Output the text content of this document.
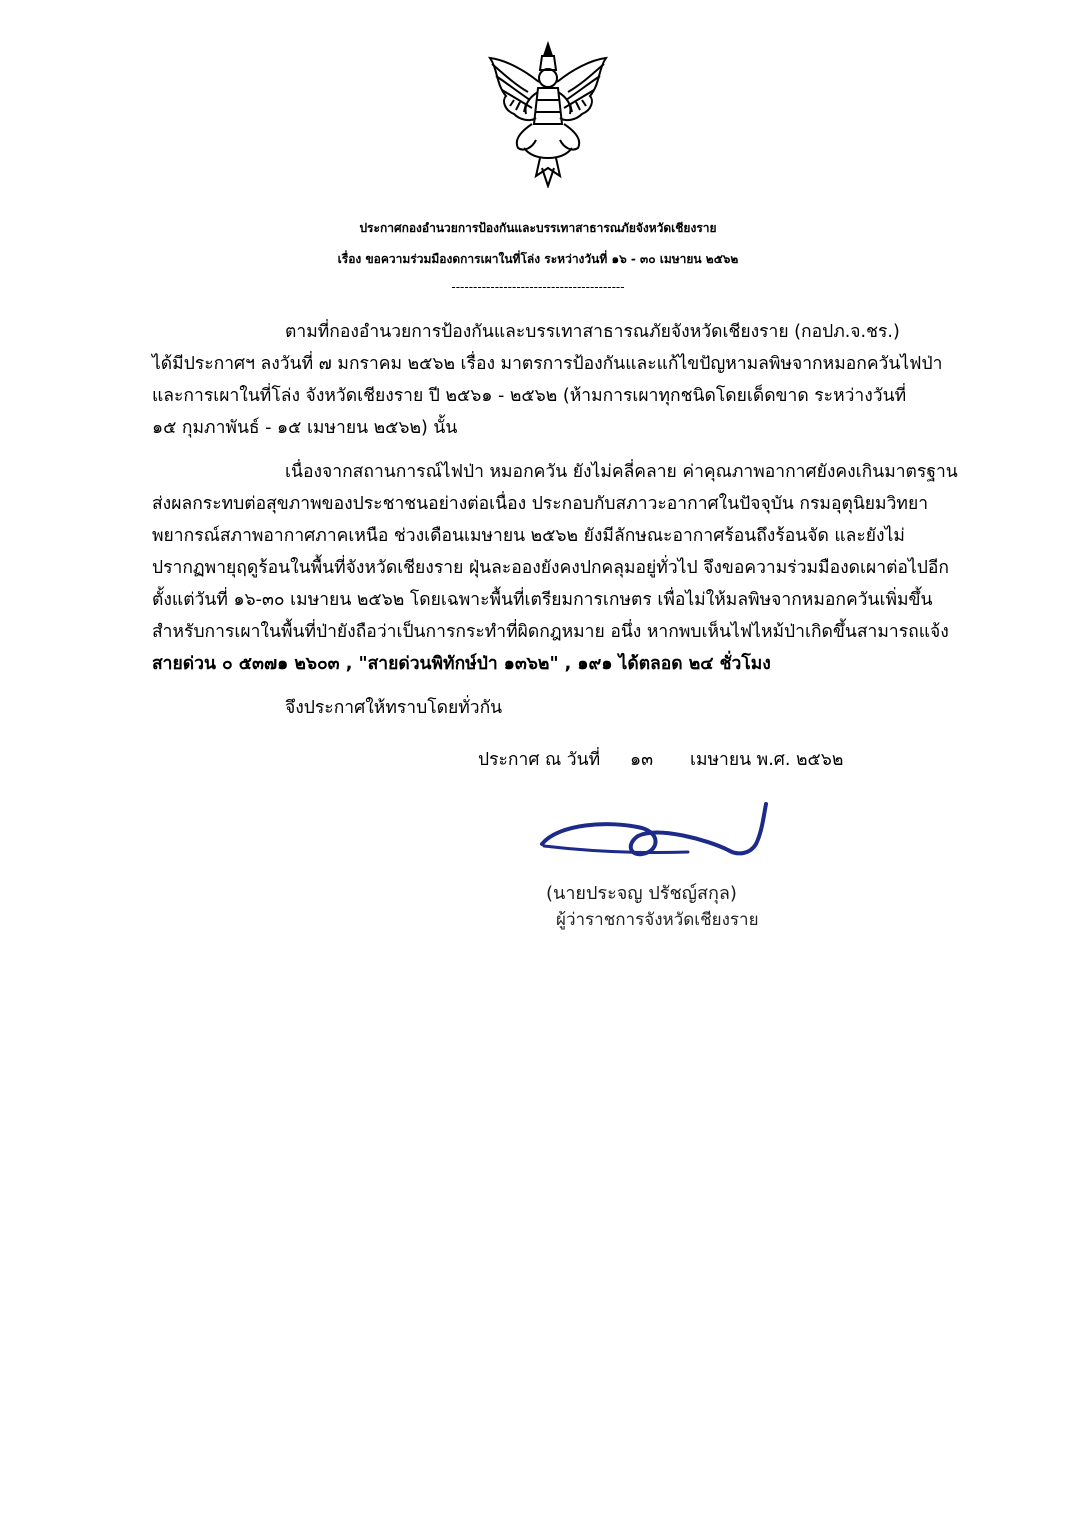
ประกาศกองอำนวยการป้องกันและบรรเทาสาธารณภัยจังหวัดเชียงราย
เรื่อง ขอความร่วมมืองดการเผาในที่โล่ง ระหว่างวันที่ ๑๖ - ๓๐ เมษายน ๒๕๖๒
----------------------------------------
ตามที่กองอำนวยการป้องกันและบรรเทาสาธารณภัยจังหวัดเชียงราย (กอปภ.จ.ชร.)
ได้มีประกาศฯ ลงวันที่ ๗ มกราคม ๒๕๖๒ เรื่อง มาตรการป้องกันและแก้ไขปัญหามลพิษจากหมอกควันไฟป่า
และการเผาในที่โล่ง จังหวัดเชียงราย ปี ๒๕๖๑ - ๒๕๖๒ (ห้ามการเผาทุกชนิดโดยเด็ดขาด ระหว่างวันที่
๑๕ กุมภาพันธ์ - ๑๕ เมษายน ๒๕๖๒) นั้น
เนื่องจากสถานการณ์ไฟป่า หมอกควัน ยังไม่คลี่คลาย ค่าคุณภาพอากาศยังคงเกินมาตรฐาน
ส่งผลกระทบต่อสุขภาพของประชาชนอย่างต่อเนื่อง ประกอบกับสภาวะอากาศในปัจจุบัน กรมอุตุนิยมวิทยา
พยากรณ์สภาพอากาศภาคเหนือ ช่วงเดือนเมษายน ๒๕๖๒ ยังมีลักษณะอากาศร้อนถึงร้อนจัด และยังไม่
ปรากฏพายุฤดูร้อนในพื้นที่จังหวัดเชียงราย ฝุ่นละอองยังคงปกคลุมอยู่ทั่วไป จึงขอความร่วมมืองดเผาต่อไปอีก
ตั้งแต่วันที่ ๑๖-๓๐ เมษายน ๒๕๖๒ โดยเฉพาะพื้นที่เตรียมการเกษตร เพื่อไม่ให้มลพิษจากหมอกควันเพิ่มขึ้น
สำหรับการเผาในพื้นที่ป่ายังถือว่าเป็นการกระทำที่ผิดกฎหมาย อนึ่ง หากพบเห็นไฟไหม้ป่าเกิดขึ้นสามารถแจ้ง
สายด่วน ๐ ๕๓๗๑ ๒๖๐๓ , "สายด่วนพิทักษ์ป่า ๑๓๖๒" , ๑๙๑ ได้ตลอด ๒๔ ชั่วโมง
จึงประกาศให้ทราบโดยทั่วกัน
ประกาศ ณ วันที่ ๑๓ เมษายน พ.ศ. ๒๕๖๒
(นายประจญ ปรัชญ์สกุล)
ผู้ว่าราชการจังหวัดเชียงราย
